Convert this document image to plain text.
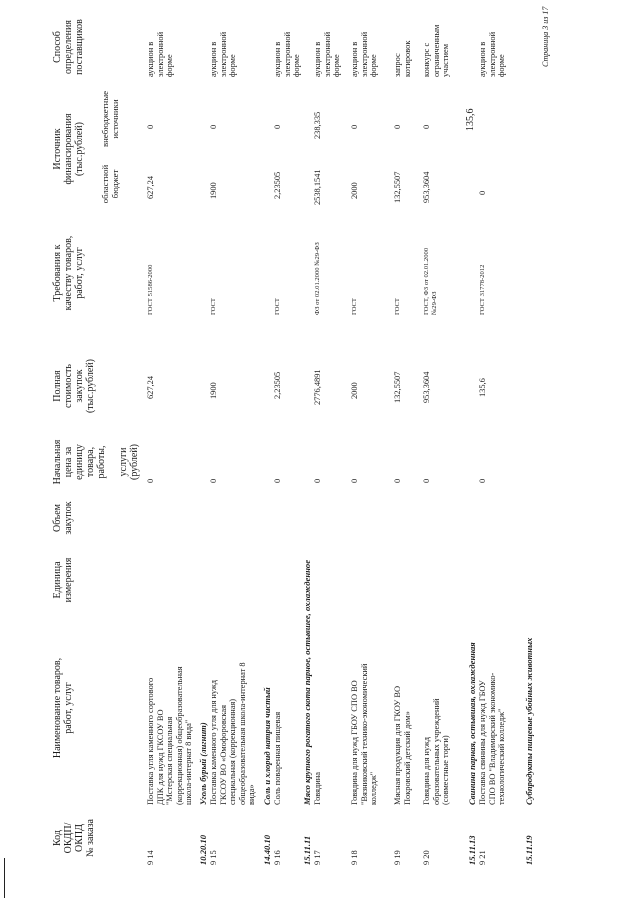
Код
ОКДП/
ОКПД
№ заказа
Наименование товаров,
работ, услуг
Единица
измерения
Объем
закупок
Начальная
цена за
единицу
товара,
работы,

услуги
(рублей)
Полная
стоимость
закупок
(тыс.рублей)
Требования к
качеству товаров,
работ, услуг
Источник
финансирования
(тыс.рублей)
областной
бюджет
внебюджетные
источники
Способ
определения
поставщиков
9 14
Поставка угля каменного сортового
ДПК для нужд ГКСОУ ВО
"Мстерская специальная
(коррекционная) общеобразовательная
школа-интернат 8 вида"
0
627,24
ГОСТ 51586-2000
627,24
0
аукцион в
электронной
форме
10.20.10
Уголь бурый (лигнит)
9 15
Поставка каменного угля для нужд
ГКСОУ ВО «Омофоровская
специальная (коррекционная)
общеобразовательная школа-интернат 8
вида»
0
1900
ГОСТ
1900
0
аукцион в
электронной
форме
14.40.10
Соль и хлорид натрия чистый
9 16
Соль поваренная пищевая
0
2,23505
ГОСТ
2,23505
0
аукцион в
электронной
форме
15.11.11
Мясо крупного рогатого скота парное, остывшее, охлажденное
9 17
Говядина
0
2776,4891
ФЗ от 02.01.2000 №29-ФЗ
2538,1541
238,335
аукцион в
электронной
форме
9 18
Говядина для нужд ГБОУ СПО ВО
"Вязниковский технико-экономический
колледж"
0
2000
ГОСТ
2000
0
аукцион в
электронной
форме
9 19
Мясная продукция для ГКОУ ВО
Покровский детский дом»
0
132,5507
ГОСТ
132,5507
0
запрос
котировок
9 20
Говядина для нужд
образовательных учреждений
(совместные торги)
0
953,3604
ГОСТ, ФЗ от 02.01.2000
№29-ФЗ
953,3604
0
конкурс с
ограниченным
участием
15.11.13
Свинина парная, остывшая, охлажденная
9 21
Поставка свинины для нужд ГБОУ
СПО ВО "Владимирский экономико-
технологический колледж"
0
135,6
ГОСТ 31778-2012
0
135,6
аукцион в
электронной
форме
15.11.19
Субпродукты пищевые убойных животных
Страница 3 из 17
